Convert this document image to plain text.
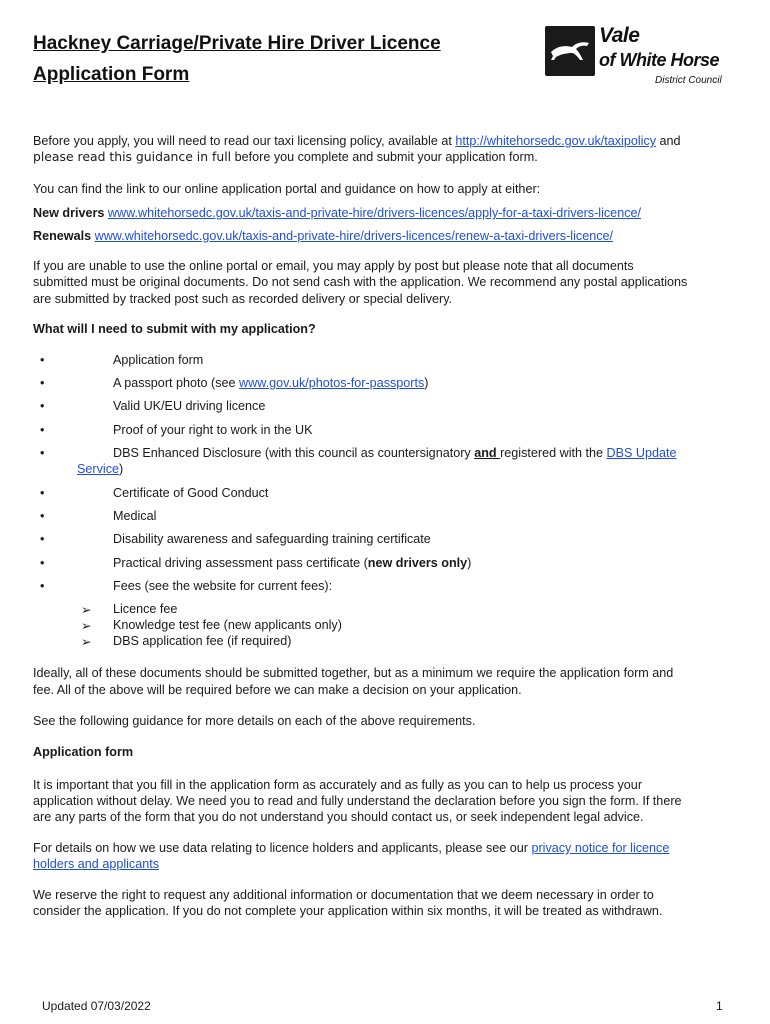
Hackney Carriage/Private Hire Driver Licence
Application Form
Vale
of White Horse
District Council
Before you apply, you will need to read our taxi licensing policy, available at http://whitehorsedc.gov.uk/taxipolicy and
please read this guidance in full before you complete and submit your application form.
You can find the link to our online application portal and guidance on how to apply at either:
New drivers www.whitehorsedc.gov.uk/taxis-and-private-hire/drivers-licences/apply-for-a-taxi-drivers-licence/
Renewals www.whitehorsedc.gov.uk/taxis-and-private-hire/drivers-licences/renew-a-taxi-drivers-licence/
If you are unable to use the online portal or email, you may apply by post but please note that all documents
submitted must be original documents. Do not send cash with the application. We recommend any postal applications
are submitted by tracked post such as recorded delivery or special delivery.
What will I need to submit with my application?
•	Application form
•	A passport photo (see www.gov.uk/photos-for-passports)
•	Valid UK/EU driving licence
•	Proof of your right to work in the UK
•	DBS Enhanced Disclosure (with this council as countersignatory and registered with the DBS Update
Service)
•	Certificate of Good Conduct
•	Medical
•	Disability awareness and safeguarding training certificate
•	Practical driving assessment pass certificate (new drivers only)
•	Fees (see the website for current fees):
➢ Licence fee
➢ Knowledge test fee (new applicants only)
➢ DBS application fee (if required)
Ideally, all of these documents should be submitted together, but as a minimum we require the application form and
fee. All of the above will be required before we can make a decision on your application.
See the following guidance for more details on each of the above requirements.
Application form
It is important that you fill in the application form as accurately and as fully as you can to help us process your
application without delay. We need you to read and fully understand the declaration before you sign the form. If there
are any parts of the form that you do not understand you should contact us, or seek independent legal advice.
For details on how we use data relating to licence holders and applicants, please see our privacy notice for licence
holders and applicants
We reserve the right to request any additional information or documentation that we deem necessary in order to
consider the application. If you do not complete your application within six months, it will be treated as withdrawn.
Updated 07/03/2022	1
